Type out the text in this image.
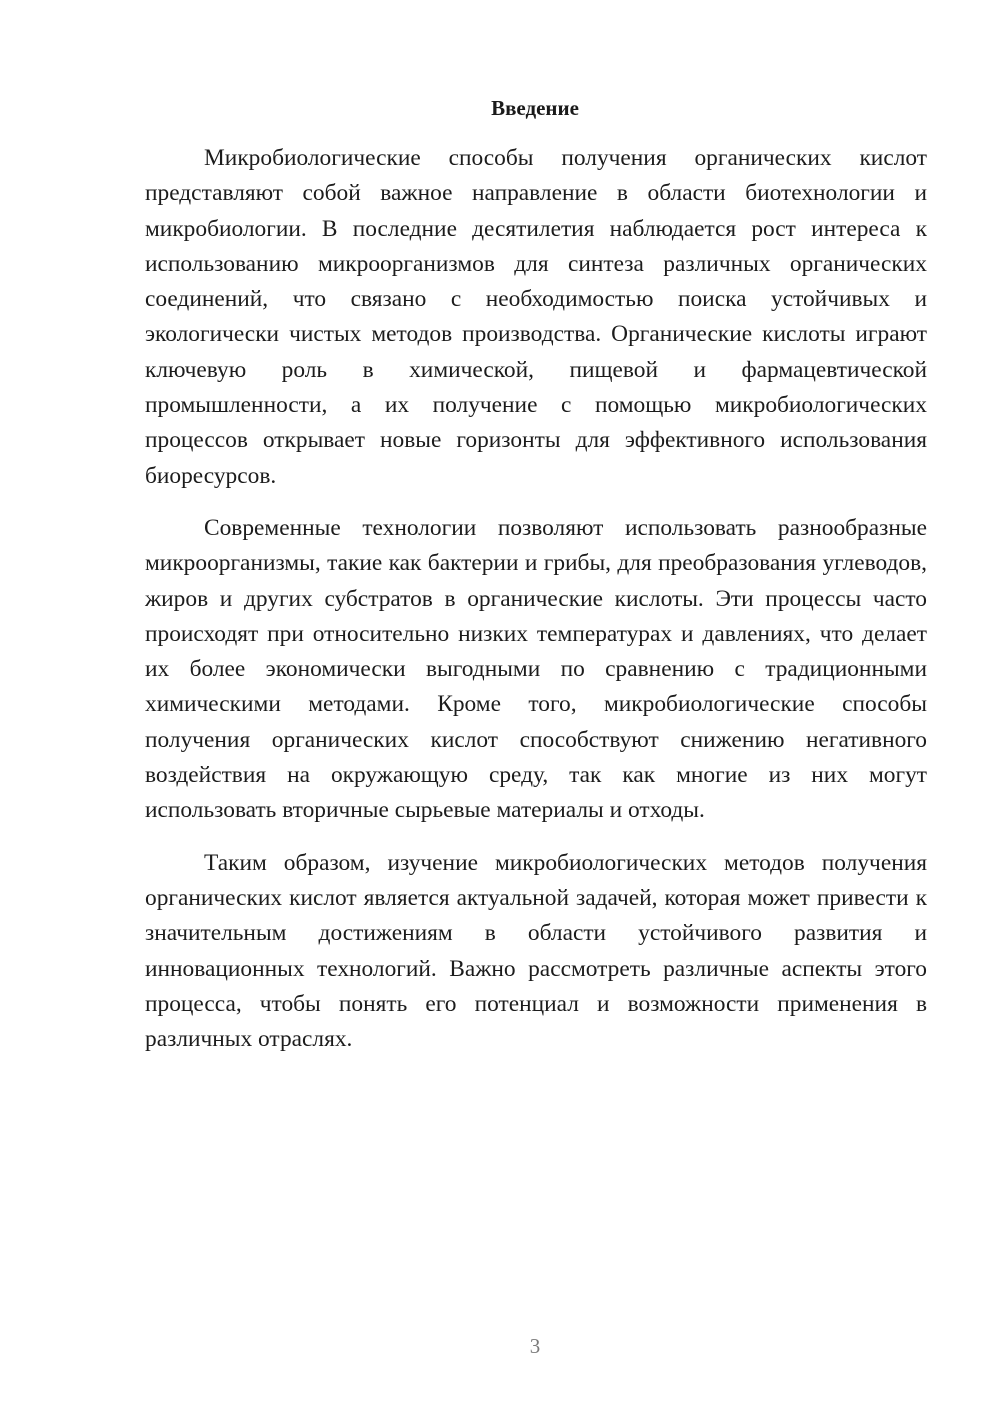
Введение

Микробиологические способы получения органических кислот представляют собой важное направление в области биотехнологии и микробиологии. В последние десятилетия наблюдается рост интереса к использованию микроорганизмов для синтеза различных органических соединений, что связано с необходимостью поиска устойчивых и экологически чистых методов производства. Органические кислоты играют ключевую роль в химической, пищевой и фармацевтической промышленности, а их получение с помощью микробиологических процессов открывает новые горизонты для эффективного использования биоресурсов.

Современные технологии позволяют использовать разнообразные микроорганизмы, такие как бактерии и грибы, для преобразования углеводов, жиров и других субстратов в органические кислоты. Эти процессы часто происходят при относительно низких температурах и давлениях, что делает их более экономически выгодными по сравнению с традиционными химическими методами. Кроме того, микробиологические способы получения органических кислот способствуют снижению негативного воздействия на окружающую среду, так как многие из них могут использовать вторичные сырьевые материалы и отходы.

Таким образом, изучение микробиологических методов получения органических кислот является актуальной задачей, которая может привести к значительным достижениям в области устойчивого развития и инновационных технологий. Важно рассмотреть различные аспекты этого процесса, чтобы понять его потенциал и возможности применения в различных отраслях.

3
